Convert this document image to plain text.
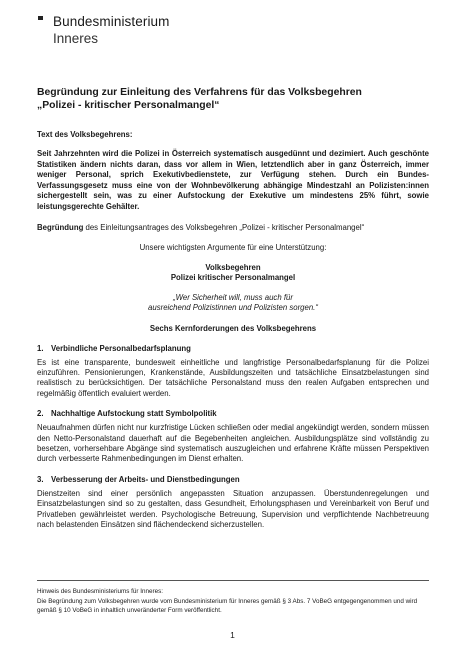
Bundesministerium
Inneres
Begründung zur Einleitung des Verfahrens für das Volksbegehren
„Polizei - kritischer Personalmangel“
Text des Volksbegehrens:
Seit Jahrzehnten wird die Polizei in Österreich systematisch ausgedünnt und dezimiert. Auch geschönte Statistiken ändern nichts daran, dass vor allem in Wien, letztendlich aber in ganz Österreich, immer weniger Personal, sprich Exekutivbedienstete, zur Verfügung stehen. Durch ein Bundes-Verfassungsgesetz muss eine von der Wohnbevölkerung abhängige Mindestzahl an Polizisten:innen sichergestellt sein, was zu einer Aufstockung der Exekutive um mindestens 25% führt, sowie leistungsgerechte Gehälter.
Begründung des Einleitungsantrages des Volksbegehren „Polizei - kritischer Personalmangel“
Unsere wichtigsten Argumente für eine Unterstützung:
Volksbegehren
Polizei kritischer Personalmangel
„Wer Sicherheit will, muss auch für
ausreichend Polizistinnen und Polizisten sorgen.“
Sechs Kernforderungen des Volksbegehrens
1. Verbindliche Personalbedarfsplanung
Es ist eine transparente, bundesweit einheitliche und langfristige Personalbedarfsplanung für die Polizei einzuführen. Pensionierungen, Krankenstände, Ausbildungszeiten und tatsächliche Einsatzbelastungen sind realistisch zu berücksichtigen. Der tatsächliche Personalstand muss den realen Aufgaben entsprechen und regelmäßig öffentlich evaluiert werden.
2. Nachhaltige Aufstockung statt Symbolpolitik
Neuaufnahmen dürfen nicht nur kurzfristige Lücken schließen oder medial angekündigt werden, sondern müssen den Netto-Personalstand dauerhaft auf die Begebenheiten angleichen. Ausbildungsplätze sind vollständig zu besetzen, vorhersehbare Abgänge sind systematisch auszugleichen und erfahrene Kräfte müssen Perspektiven durch verbesserte Rahmenbedingungen im Dienst erhalten.
3. Verbesserung der Arbeits- und Dienstbedingungen
Dienstzeiten sind einer persönlich angepassten Situation anzupassen. Überstundenregelungen und Einsatzbelastungen sind so zu gestalten, dass Gesundheit, Erholungsphasen und Vereinbarkeit von Beruf und Privatleben gewährleistet werden. Psychologische Betreuung, Supervision und verpflichtende Nachbetreuung nach belastenden Einsätzen sind flächendeckend sicherzustellen.
Hinweis des Bundesministeriums für Inneres:
Die Begründung zum Volksbegehren wurde vom Bundesministerium für Inneres gemäß § 3 Abs. 7 VoBeG entgegengenommen und wird gemäß § 10 VoBeG in inhaltlich unveränderter Form veröffentlicht.
1
